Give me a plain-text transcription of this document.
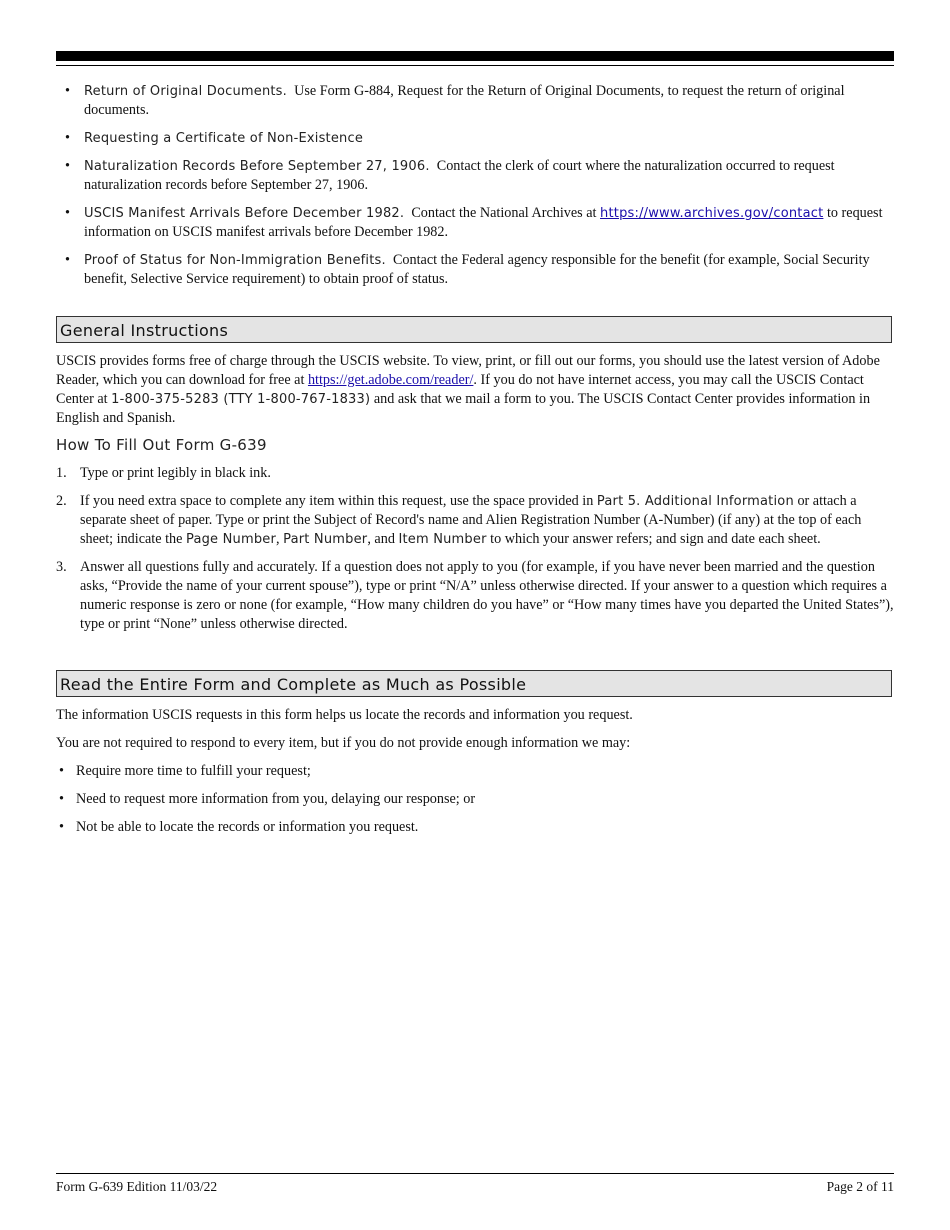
• Return of Original Documents. Use Form G-884, Request for the Return of Original Documents, to request the return of original documents.
• Requesting a Certificate of Non-Existence
• Naturalization Records Before September 27, 1906. Contact the clerk of court where the naturalization occurred to request naturalization records before September 27, 1906.
• USCIS Manifest Arrivals Before December 1982. Contact the National Archives at https://www.archives.gov/contact to request information on USCIS manifest arrivals before December 1982.
• Proof of Status for Non-Immigration Benefits. Contact the Federal agency responsible for the benefit (for example, Social Security benefit, Selective Service requirement) to obtain proof of status.
General Instructions

USCIS provides forms free of charge through the USCIS website. To view, print, or fill out our forms, you should use the latest version of Adobe Reader, which you can download for free at https://get.adobe.com/reader/. If you do not have internet access, you may call the USCIS Contact Center at 1-800-375-5283 (TTY 1-800-767-1833) and ask that we mail a form to you. The USCIS Contact Center provides information in English and Spanish.

How To Fill Out Form G-639
1. Type or print legibly in black ink.
2. If you need extra space to complete any item within this request, use the space provided in Part 5. Additional Information or attach a separate sheet of paper. Type or print the Subject of Record's name and Alien Registration Number (A-Number) (if any) at the top of each sheet; indicate the Page Number, Part Number, and Item Number to which your answer refers; and sign and date each sheet.
3. Answer all questions fully and accurately. If a question does not apply to you (for example, if you have never been married and the question asks, “Provide the name of your current spouse”), type or print “N/A” unless otherwise directed. If your answer to a question which requires a numeric response is zero or none (for example, “How many children do you have” or “How many times have you departed the United States”), type or print “None” unless otherwise directed.
Read the Entire Form and Complete as Much as Possible

The information USCIS requests in this form helps us locate the records and information you request.

You are not required to respond to every item, but if you do not provide enough information we may:

• Require more time to fulfill your request;
• Need to request more information from you, delaying our response; or
• Not be able to locate the records or information you request.
Form G-639 Edition 11/03/22	Page 2 of 11
